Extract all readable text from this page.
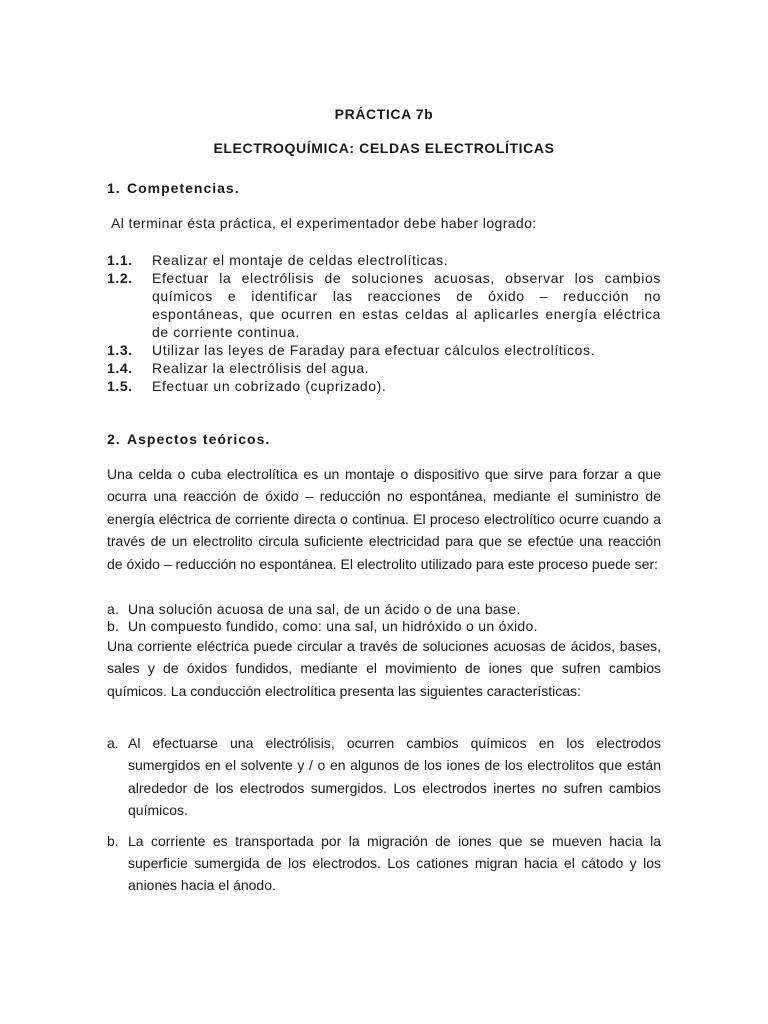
PRÁCTICA 7b
ELECTROQUÍMICA: CELDAS ELECTROLÍTICAS
1. Competencias.
Al terminar ésta práctica, el experimentador debe haber logrado:
1.1.	Realizar el montaje de celdas electrolíticas.
1.2.	Efectuar la electrólisis de soluciones acuosas, observar los cambios químicos e identificar las reacciones de óxido – reducción no espontáneas, que ocurren en estas celdas al aplicarles energía eléctrica de corriente continua.
1.3.	Utilizar las leyes de Faraday para efectuar cálculos electrolíticos.
1.4.	Realizar la electrólisis del agua.
1.5.	Efectuar un cobrizado (cuprizado).
2. Aspectos teóricos.
Una celda o cuba electrolítica es un montaje o dispositivo que sirve para forzar a que ocurra una reacción de óxido – reducción no espontánea, mediante el suministro de energía eléctrica de corriente directa o continua. El proceso electrolítico ocurre cuando a través de un electrolito circula suficiente electricidad para que se efectúe una reacción de óxido – reducción no espontánea. El electrolito utilizado para este proceso puede ser:
a. Una solución acuosa de una sal, de un ácido o de una base.
b. Un compuesto fundido, como: una sal, un hidróxido o un óxido.
Una corriente eléctrica puede circular a través de soluciones acuosas de ácidos, bases, sales y de óxidos fundidos, mediante el movimiento de iones que sufren cambios químicos. La conducción electrolítica presenta las siguientes características:
a. Al efectuarse una electrólisis, ocurren cambios químicos en los electrodos sumergidos en el solvente y / o en algunos de los iones de los electrolitos que están alrededor de los electrodos sumergidos. Los electrodos inertes no sufren cambios químicos.
b. La corriente es transportada por la migración de iones que se mueven hacia la superficie sumergida de los electrodos. Los cationes migran hacia el cátodo y los aniones hacia el ánodo.
